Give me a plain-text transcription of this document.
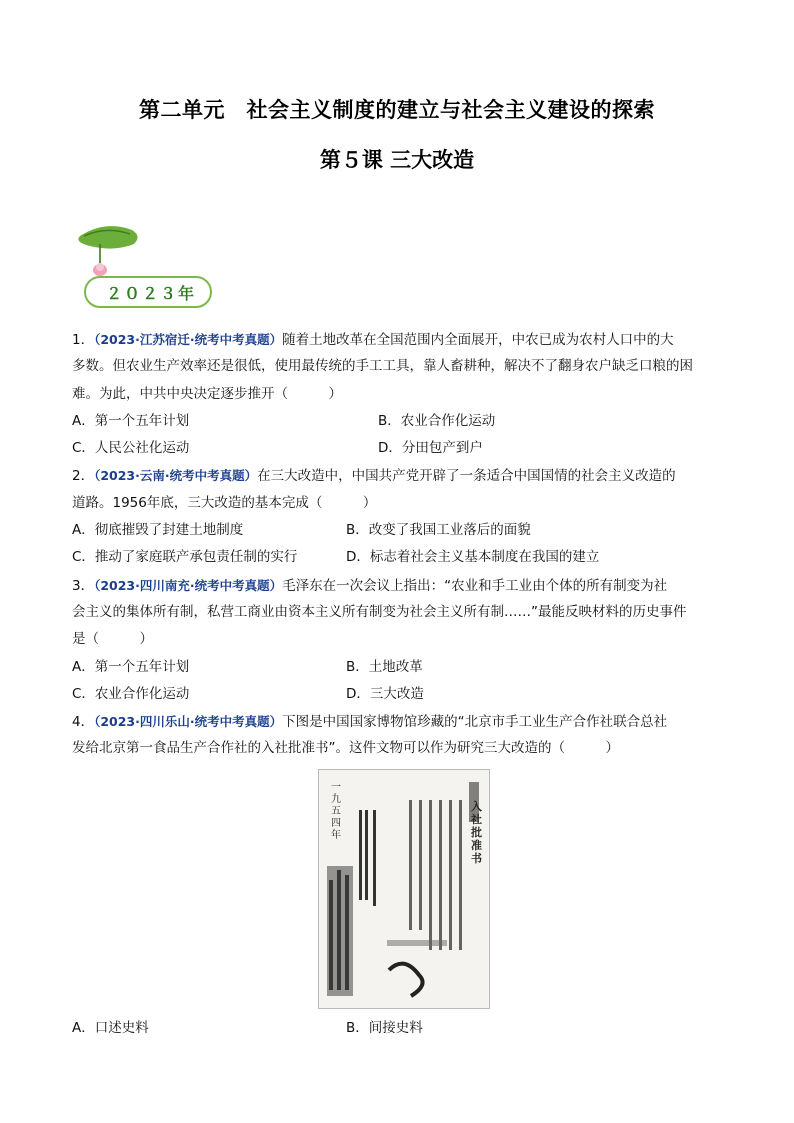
第二单元　社会主义制度的建立与社会主义建设的探索
第５课 三大改造
２０２３年
1．（2023·江苏宿迁·统考中考真题）随着土地改革在全国范围内全面展开，中农已成为农村人口中的大
多数。但农业生产效率还是很低，使用最传统的手工工具，靠人畜耕种，解决不了翻身农户缺乏口粮的困
难。为此，中共中央决定逐步推开（　　　）
A．第一个五年计划	B．农业合作化运动
C．人民公社化运动	D．分田包产到户
2．（2023·云南·统考中考真题）在三大改造中，中国共产党开辟了一条适合中国国情的社会主义改造的
道路。1956年底，三大改造的基本完成（　　　）
A．彻底摧毁了封建土地制度	B．改变了我国工业落后的面貌
C．推动了家庭联产承包责任制的实行	D．标志着社会主义基本制度在我国的建立
3．（2023·四川南充·统考中考真题）毛泽东在一次会议上指出：“农业和手工业由个体的所有制变为社
会主义的集体所有制，私营工商业由资本主义所有制变为社会主义所有制……”最能反映材料的历史事件
是（　　　）
A．第一个五年计划	B．土地改革
C．农业合作化运动	D．三大改造
4．（2023·四川乐山·统考中考真题）下图是中国国家博物馆珍藏的“北京市手工业生产合作社联合总社
发给北京第一食品生产合作社的入社批准书”。这件文物可以作为研究三大改造的（　　　）
入社批准书
一九五四年
A．口述史料	B．间接史料
